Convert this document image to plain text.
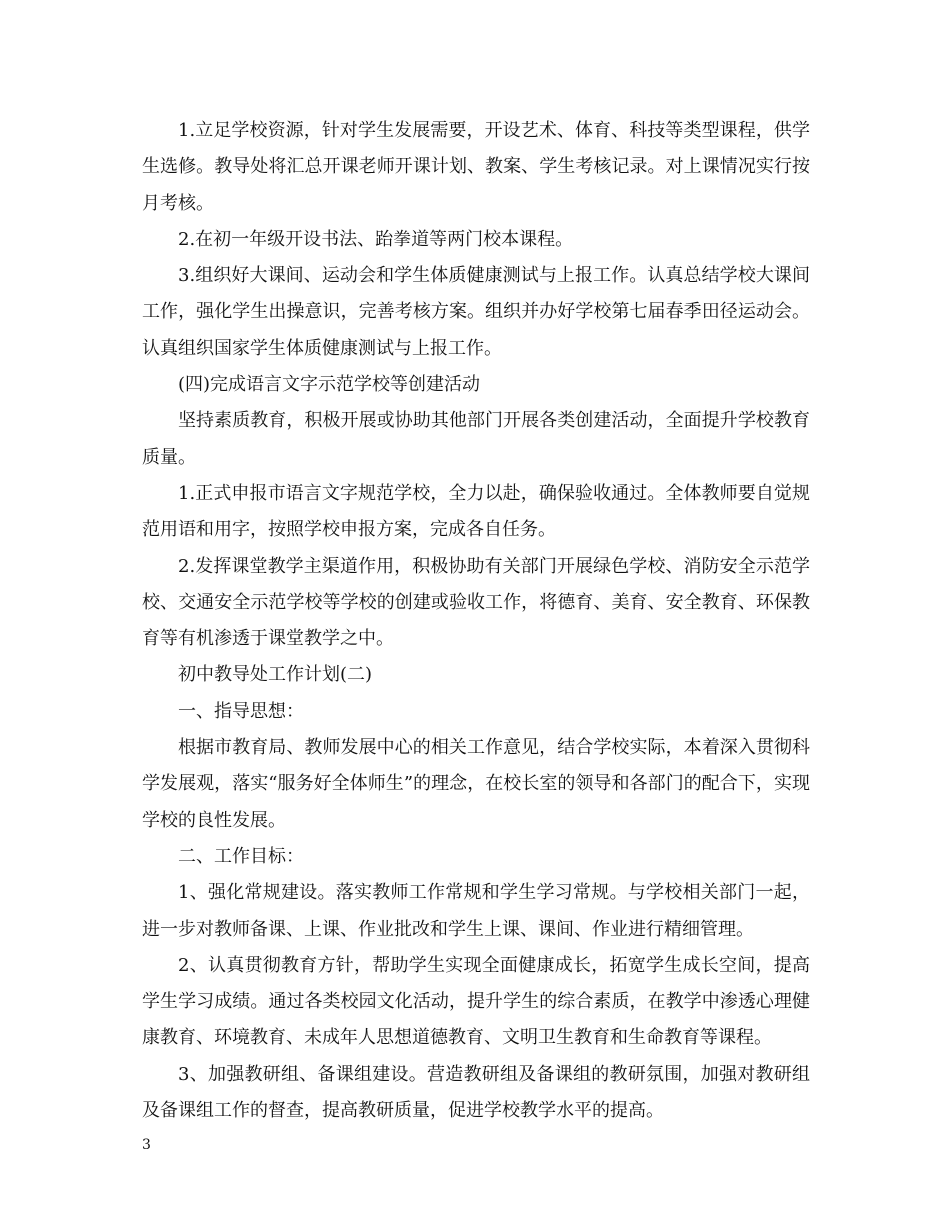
1.立足学校资源，针对学生发展需要，开设艺术、体育、科技等类型课程，供学生选修。教导处将汇总开课老师开课计划、教案、学生考核记录。对上课情况实行按月考核。

2.在初一年级开设书法、跆拳道等两门校本课程。

3.组织好大课间、运动会和学生体质健康测试与上报工作。认真总结学校大课间工作，强化学生出操意识，完善考核方案。组织并办好学校第七届春季田径运动会。认真组织国家学生体质健康测试与上报工作。

(四)完成语言文字示范学校等创建活动

坚持素质教育，积极开展或协助其他部门开展各类创建活动，全面提升学校教育质量。

1.正式申报市语言文字规范学校，全力以赴，确保验收通过。全体教师要自觉规范用语和用字，按照学校申报方案，完成各自任务。

2.发挥课堂教学主渠道作用，积极协助有关部门开展绿色学校、消防安全示范学校、交通安全示范学校等学校的创建或验收工作，将德育、美育、安全教育、环保教育等有机渗透于课堂教学之中。

初中教导处工作计划(二)

一、指导思想：

根据市教育局、教师发展中心的相关工作意见，结合学校实际，本着深入贯彻科学发展观，落实“服务好全体师生”的理念，在校长室的领导和各部门的配合下，实现学校的良性发展。

二、工作目标：

1、强化常规建设。落实教师工作常规和学生学习常规。与学校相关部门一起，进一步对教师备课、上课、作业批改和学生上课、课间、作业进行精细管理。

2、认真贯彻教育方针，帮助学生实现全面健康成长，拓宽学生成长空间，提高学生学习成绩。通过各类校园文化活动，提升学生的综合素质，在教学中渗透心理健康教育、环境教育、未成年人思想道德教育、文明卫生教育和生命教育等课程。

3、加强教研组、备课组建设。营造教研组及备课组的教研氛围，加强对教研组及备课组工作的督查，提高教研质量，促进学校教学水平的提高。

3
